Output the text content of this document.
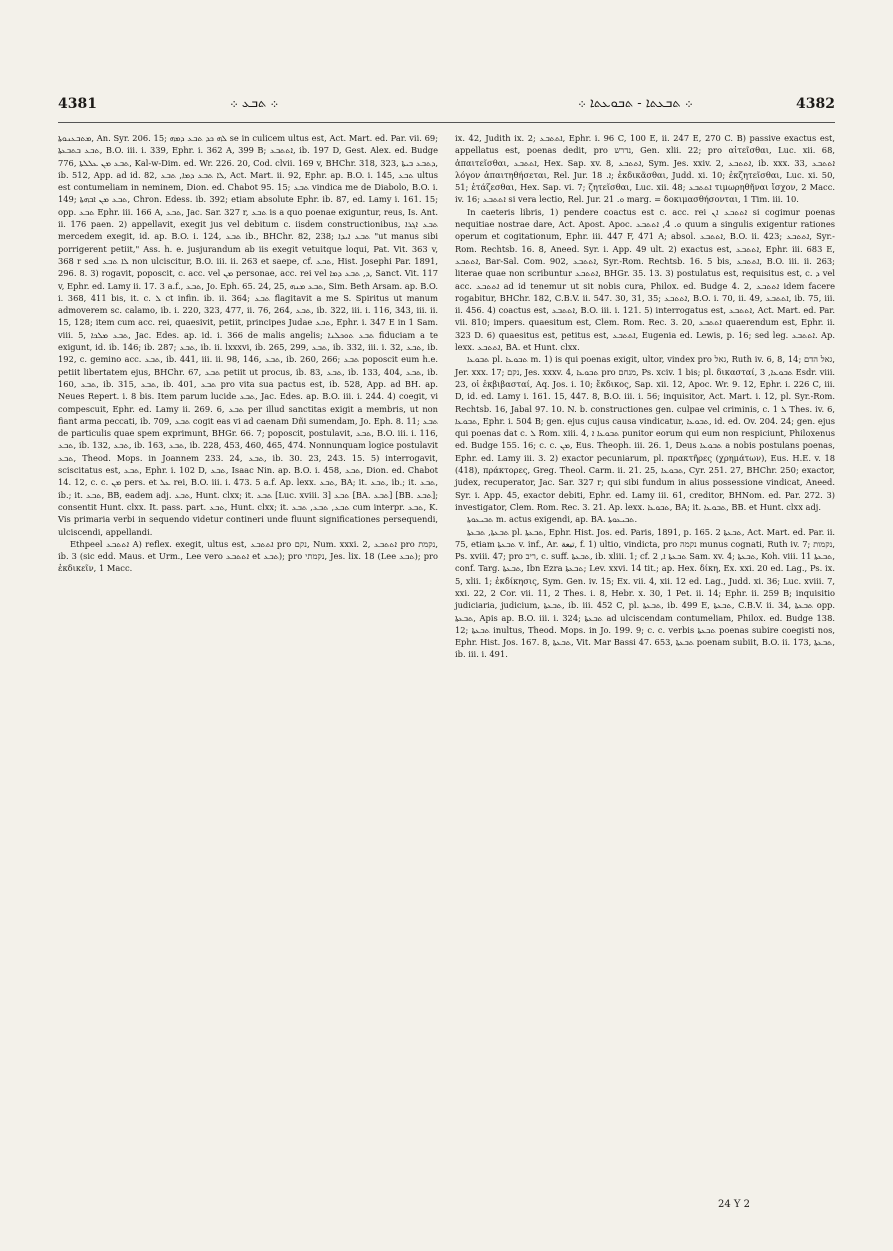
4381	܀ ܬܒܥ ܀	܀ ܬܒܥܬܐ - ܬܒܘܥܬܐ ܀	4382

ܡܬܒܥܢܘܬܐ, An. Syr. 206. 15; ܠܗ ܟܕ ܬܒܥ ܕܡܗ se in culicem ultus est, Act. Mart. ed. Par. vii. 69; ܬܒܥ ܒܬܒܥܬܐ, B.O. iii. i. 339, Ephr. i. 362 A, 399 B; ܐܬܬܒܥ, ib. 197 D, Gest. Alex. ed. Budge 776, ܬܒܥ ܡܢ ܥܠܠܬܐ, Kal-w-Dim. ed. Wr. 226. 20, Cod. clvii. 169 v, BHChr. 318, 323, ܕܬܒܥ ܒܝܬܐ, ib. 512, App. ad id. 82, ܠܐ ܬܒܥ ܕܡܐ, ܬܒܥ, Act. Mart. ii. 92, Ephr. ap. B.O. i. 145, ܬܒܥ ultus est contumeliam in neminem, Dion. ed. Chabot 95. 15; ܬܒܥ vindica me de Diabolo, B.O. i. 149; ܬܒܥ ܡܢ ܐܒܗܬܐ, Chron. Edess. ib. 392; etiam absolute Ephr. ib. 87, ed. Lamy i. 161. 15; opp. ܬܒܥ Ephr. iii. 166 A, ܬܒܥ, Jac. Sar. 327 r, ܬܒܥ is a quo poenae exiguntur, reus, Is. Ant. ii. 176 paen. 2) appellavit, exegit jus vel debitum c. iisdem constructionibus, ܬܒܥ ܐܓܪܐ mercedem exegit, id. ap. B.O. i. 124, ܬܒܥ ib., BHChr. 82, 238; ܬܒܥ ܐܝܕܐ "ut manus sibi porrigerent petiit," Ass. h. e. jusjurandum ab iis exegit vetuitque loqui, Pat. Vit. 363 v, 368 r sed ܠܐ ܬܒܥ non ulciscitur, B.O. iii. ii. 263 et saepe, cf. ܬܒܥ, Hist. Josephi Par. 1891, 296. 8. 3) rogavit, poposcit, c. acc. vel ܡܢ personae, acc. rei vel ܕ, ܬܒܥ ܕܡܐ, Sanct. Vit. 117 v, Ephr. ed. Lamy ii. 17. 3 a.f., ܬܒܥ, Jo. Eph. 65. 24, 25, ܬܒܥ ܡܢܗ, Sim. Beth Arsam. ap. B.O. i. 368, 411 bis, it. c. ܠ ct infin. ib. ii. 364; ܬܒܥ flagitavit a me S. Spiritus ut manum admoverem sc. calamo, ib. i. 220, 323, 477, ii. 76, 264, ܬܒܥ, ib. 322, iii. i. 116, 343, iii. ii. 15, 128; item cum acc. rei, quaesivit, petiit, principes Judae ܬܒܥ, Ephr. i. 347 E in 1 Sam. viii. 5, ܬܒܥ ܡܠܟܐ, Jac. Edes. ap. id. i. 366 de malis angelis; ܬܒܥ ܬܘܟܠܢܐ fiduciam a te exigunt, id. ib. 146; ib. 287; ܬܒܥ, ib. ii. lxxxvi, ib. 265, 299, ܬܒܥ, ib. 332, iii. i. 32, ܬܒܥ, ib. 192, c. gemino acc. ܬܒܥ, ib. 441, iii. ii. 98, 146, ܬܒܥ, ib. 260, 266; ܬܒܥ poposcit eum h.e. petiit libertatem ejus, BHChr. 67, ܬܒܥ petiit ut procus, ib. 83, ܬܒܥ, ib. 133, 404, ܬܒܥ, ib. 160, ܬܒܥ, ib. 315, ܬܒܥ, ib. 401, ܬܒܥ pro vita sua pactus est, ib. 528, App. ad BH. ap. Neues Repert. i. 8 bis. Item parum lucide ܬܒܥ, Jac. Edes. ap. B.O. iii. i. 244. 4) coegit, vi compescuit, Ephr. ed. Lamy ii. 269. 6, ܬܒܥ per illud sanctitas exigit a membris, ut non fiant arma peccati, ib. 709, ܬܒܥ cogit eas vi ad caenam Dñi sumendam, Jo. Eph. 8. 11; ܬܒܥ de particulis quae spem exprimunt, BHGr. 66. 7; poposcit, postulavit, ܬܒܥ, B.O. iii. i. 116, ܬܒܥ, ib. 132, ܬܒܥ, ib. 163, ܬܒܥ, ib. 228, 453, 460, 465, 474. Nonnunquam logice postulavit ܬܒܥ, Theod. Mops. in Joannem 233. 24, ܬܒܥ, ib. 30. 23, 243. 15. 5) interrogavit, sciscitatus est, ܬܒܥ, Ephr. i. 102 D, ܬܒܥ, Isaac Nin. ap. B.O. i. 458, ܬܒܥ, Dion. ed. Chabot 14. 12, c. c. ܡܢ pers. et ܥܠ rei, B.O. iii. i. 473. 5 a.f. Ap. lexx. ܬܒܥ, BA; it. ܬܒܥ, ib.; it. ܬܒܥ, ib.; it. ܬܒܥ, BB, eadem adj. ܬܒܥ, Hunt. clxx; it. ܬܒܥ [Luc. xviii. 3] ܬܒܥ [BA. ܬܒܥ] [BB. ܬܒܥ]; consentit Hunt. clxx. It. pass. part. ܬܒܥ, Hunt. clxx; it. ܬܒܥ, ܬܒܥ, ܬܒܥ cum interpr. ܬܒܥ, K. Vis primaria verbi in sequendo videtur contineri unde fluunt significationes persequendi, ulciscendi, appellandi.

Ethpeel ܐܬܬܒܥ A) reflex. exegit, ultus est, ܐܬܬܒܥ pro נקם, Num. xxxi. 2, ܐܬܬܒܥ pro נקמת, ib. 3 (sic edd. Maus. et Urm., Lee vero ܐܬܬܒܥ et ܬܒܥ); pro נקמתי, Jes. lix. 18 (Lee ܬܒܥ); pro ἐκδικεῖν, 1 Macc.

ix. 42, Judith ix. 2; ܐܬܬܒܥ, Ephr. i. 96 C, 100 E, ii. 247 E, 270 C. B) passive exactus est, appellatus est, poenas dedit, pro נדרש, Gen. xlii. 22; pro αἰτεῖσθαι, Luc. xii. 68, ἀπαιτεῖσθαι, ܐܬܬܒܥ, Hex. Sap. xv. 8, ܐܬܬܒܥ, Sym. Jes. xxiv. 2, ܐܬܬܒܥ, ib. xxx. 33, ܐܬܬܒܥ λόγον ἀπαιτηθήσεται, Rel. Jur. ܐ. 18; ἐκδικᾶσθαι, Judd. xi. 10; ἐκζητεῖσθαι, Luc. xi. 50, 51; ἐτάζεσθαι, Hex. Sap. vi. 7; ζητεῖσθαι, Luc. xii. 48; ܐܬܬܒܥ τιμωρηθῆναι ἴσχον, 2 Macc. iv. 16; ܐܬܬܒܥ si vera lectio, Rel. Jur. ܘ. 21 marg. = δοκιμασθήσονται, 1 Tim. iii. 10.

In caeteris libris, 1) pendere coactus est c. acc. rei ܐܬܬܒܥ ܐܢ si cogimur poenas nequitiae nostrae dare, Act. Apost. Apoc. ܘ. 4, ܐܬܬܒܥ quum a singulis exigentur rationes operum et cogitationum, Ephr. iii. 447 F, 471 A; absol. ܐܬܬܒܥ, B.O. ii. 423; ܐܬܬܒܥ, Syr.-Rom. Rechtsb. 16. 8, Aneed. Syr. i. App. 49 ult. 2) exactus est, ܐܬܬܒܥ, Ephr. iii. 683 E, ܐܬܬܒܥ, Bar-Sal. Com. 902, ܐܬܬܒܥ, Syr.-Rom. Rechtsb. 16. 5 bis, ܐܬܬܒܥ, B.O. iii. ii. 263; literae quae non scribuntur ܐܬܬܒܥ, BHGr. 35. 13. 3) postulatus est, requisitus est, c. ܕ vel acc. ܐܬܬܒܥ ad id tenemur ut sit nobis cura, Philox. ed. Budge 4. 2, ܐܬܬܒܥ idem facere rogabitur, BHChr. 182, C.B.V. ii. 547. 30, 31, 35; ܐܬܬܒܥ, B.O. i. 70, ii. 49, ܐܬܬܒܥ, ib. 75, iii. ii. 456. 4) coactus est, ܐܬܬܒܥ, B.O. iii. i. 121. 5) interrogatus est, ܐܬܬܒܥ, Act. Mart. ed. Par. vii. 810; impers. quaesitum est, Clem. Rom. Rec. 3. 20, ܐܬܬܒܥ quaerendum est, Ephr. ii. 323 D. 6) quaesitus est, petitus est, ܐܬܬܒܥ, Eugenia ed. Lewis, p. 16; sed leg. ܐܬܬܒܥ. Ap. lexx. ܐܬܬܒܥ, BA. et Hunt. clxx.

ܬܒܘܥܐ pl. ܬܒܘܥܐ m. 1) is qui poenas exigit, ultor, vindex pro גאל, Ruth iv. 6, 8, 14; גאל הדם, Jer. xxx. 17; נקם, Jes. xxxv. 4, ܬܒܘܥܐ pro מנחם, Ps. xciv. 1 bis; pl. δικασταί, ܬܒܘܥܐ, 3 Esdr. viii. 23, οἱ ἐκβιβασταί, Aq. Jos. i. 10; ἔκδικος, Sap. xii. 12, Apoc. Wr. 9. 12, Ephr. i. 226 C, iii. D, id. ed. Lamy i. 161. 15, 447. 8, B.O. iii. i. 56; inquisitor, Act. Mart. i. 12, pl. Syr.-Rom. Rechtsb. 16, Jabal 97. 10. N. b. constructiones gen. culpae vel criminis, c. ܠ 1 Thes. iv. 6, ܬܒܘܥܐ, Ephr. i. 504 B; gen. ejus cujus causa vindicatur, ܬܒܘܥܐ, id. ed. Ov. 204. 24; gen. ejus qui poenas dat c. ܠ Rom. xiii. 4, ܬܒܘܥܐ ܐ punitor eorum qui eum non respiciunt, Philoxenus ed. Budge 155. 16; c. c. ܡܢ, Eus. Theoph. iii. 26. 1, Deus ܬܒܘܥܐ a nobis postulans poenas, Ephr. ed. Lamy iii. 3. 2) exactor pecuniarum, pl. πρακτῆρες (χρημάτων), Eus. H.E. v. 18 (418), πράκτορες, Greg. Theol. Carm. ii. 21. 25, ܬܒܘܥܐ, Cyr. 251. 27, BHChr. 250; exactor, judex, recuperator, Jac. Sar. 327 r; qui sibi fundum in alius possessione vindicat, Aneed. Syr. i. App. 45, exactor debiti, Ephr. ed. Lamy iii. 61, creditor, BHNom. ed. Par. 272. 3) investigator, Clem. Rom. Rec. 3. 21. Ap. lexx. ܬܒܘܥܐ, BA; it. ܬܒܘܥܐ, BB. et Hunt. clxx adj.

ܬܒܝܥܘܬܐ m. actus exigendi, ap. BA. ܬܒܝܥܘܬܐ.

ܬܒܥܬܐ, ܬܒܥܬܐ pl. ܬܒܥܬܐ, Ephr. Hist. Jos. ed. Paris, 1891, p. 165. 2 ܬܒܥܬܐ, Act. Mart. ed. Par. ii. 75, etiam ܬܒܥܬܐ v. inf., Ar. تبعة, f. 1) ultio, vindicta, pro נקמה munus cognati, Ruth iv. 7; נקמות, Ps. xviii. 47; pro ריב, c. suff. ܬܒܥܬܐ, ib. xliii. 1; cf. ܬܒܥܬܐ ܐ, 2 Sam. xv. 4; ܬܒܥܬܐ, Koh. viii. 11 ܬܒܥܬܐ, conf. Targ. ܬܒܥܬܐ, Ibn Ezra ܬܒܥܬܐ; Lev. xxvi. 14 tit.; ap. Hex. δίκη, Ex. xxi. 20 ed. Lag., Ps. ix. 5, xlii. 1; ἐκδίκησις, Sym. Gen. iv. 15; Ex. vii. 4, xii. 12 ed. Lag., Judd. xi. 36; Luc. xviii. 7, xxi. 22, 2 Cor. vii. 11, 2 Thes. i. 8, Hebr. x. 30, 1 Pet. ii. 14; Ephr. ii. 259 B; inquisitio judiciaria, judicium, ܬܒܥܬܐ, ib. iii. 452 C, pl. ܬܒܥܬܐ, ib. 499 E, ܬܒܥܬܐ, C.B.V. ii. 34, ܬܒܥܬܐ opp. ܬܒܥܬܐ, Apis ap. B.O. iii. i. 324; ܬܒܥܬܐ ad ulciscendam contumeliam, Philox. ed. Budge 138. 12; ܬܒܥܬܐ inultus, Theod. Mops. in Jo. 199. 9; c. c. verbis ܬܒܥܬܐ poenas subire coegisti nos, Ephr. Hist. Jos. 167. 8, ܬܒܥܬܐ, Vit. Mar Bassi 47. 653, ܬܒܥܬܐ poenam subiit, B.O. ii. 173, ܬܒܥܬܐ, ib. iii. i. 491.

24 Y 2
